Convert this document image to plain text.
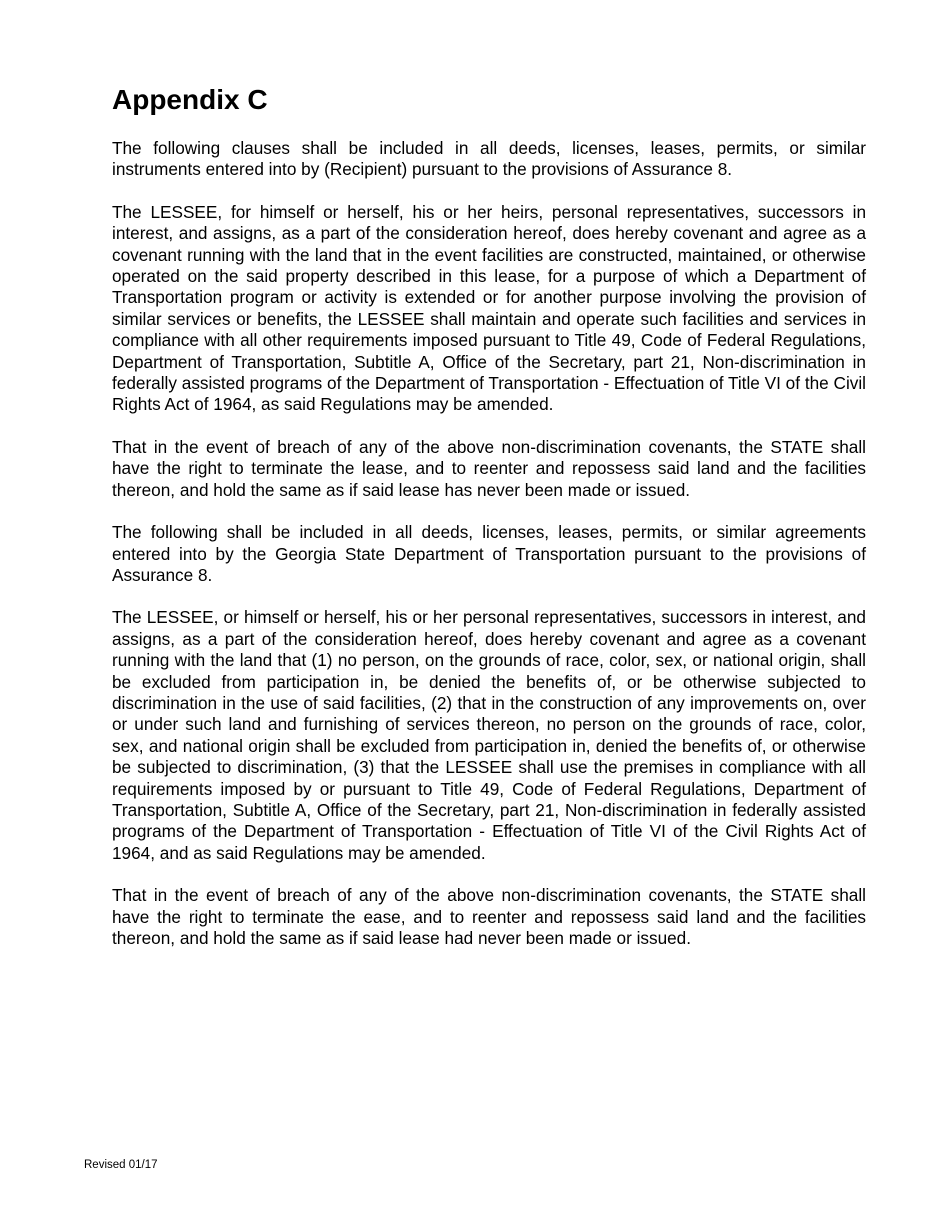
Appendix C

The following clauses shall be included in all deeds, licenses, leases, permits, or similar instruments entered into by (Recipient) pursuant to the provisions of Assurance 8.

The LESSEE, for himself or herself, his or her heirs, personal representatives, successors in interest, and assigns, as a part of the consideration hereof, does hereby covenant and agree as a covenant running with the land that in the event facilities are constructed, maintained, or otherwise operated on the said property described in this lease, for a purpose of which a Department of Transportation program or activity is extended or for another purpose involving the provision of similar services or benefits, the LESSEE shall maintain and operate such facilities and services in compliance with all other requirements imposed pursuant to Title 49, Code of Federal Regulations, Department of Transportation, Subtitle A, Office of the Secretary, part 21, Non-discrimination in federally assisted programs of the Department of Transportation - Effectuation of Title VI of the Civil Rights Act of 1964, as said Regulations may be amended.

That in the event of breach of any of the above non-discrimination covenants, the STATE shall have the right to terminate the lease, and to reenter and repossess said land and the facilities thereon, and hold the same as if said lease has never been made or issued.

The following shall be included in all deeds, licenses, leases, permits, or similar agreements entered into by the Georgia State Department of Transportation pursuant to the provisions of Assurance 8.

The LESSEE, or himself or herself, his or her personal representatives, successors in interest, and assigns, as a part of the consideration hereof, does hereby covenant and agree as a covenant running with the land that (1) no person, on the grounds of race, color, sex, or national origin, shall be excluded from participation in, be denied the benefits of, or be otherwise subjected to discrimination in the use of said facilities, (2) that in the construction of any improvements on, over or under such land and furnishing of services thereon, no person on the grounds of race, color, sex, and national origin shall be excluded from participation in, denied the benefits of, or otherwise be subjected to discrimination, (3) that the LESSEE shall use the premises in compliance with all requirements imposed by or pursuant to Title 49, Code of Federal Regulations, Department of Transportation, Subtitle A, Office of the Secretary, part 21, Non-discrimination in federally assisted programs of the Department of Transportation - Effectuation of Title VI of the Civil Rights Act of 1964, and as said Regulations may be amended.

That in the event of breach of any of the above non-discrimination covenants, the STATE shall have the right to terminate the ease, and to reenter and repossess said land and the facilities thereon, and hold the same as if said lease had never been made or issued.

Revised 01/17
